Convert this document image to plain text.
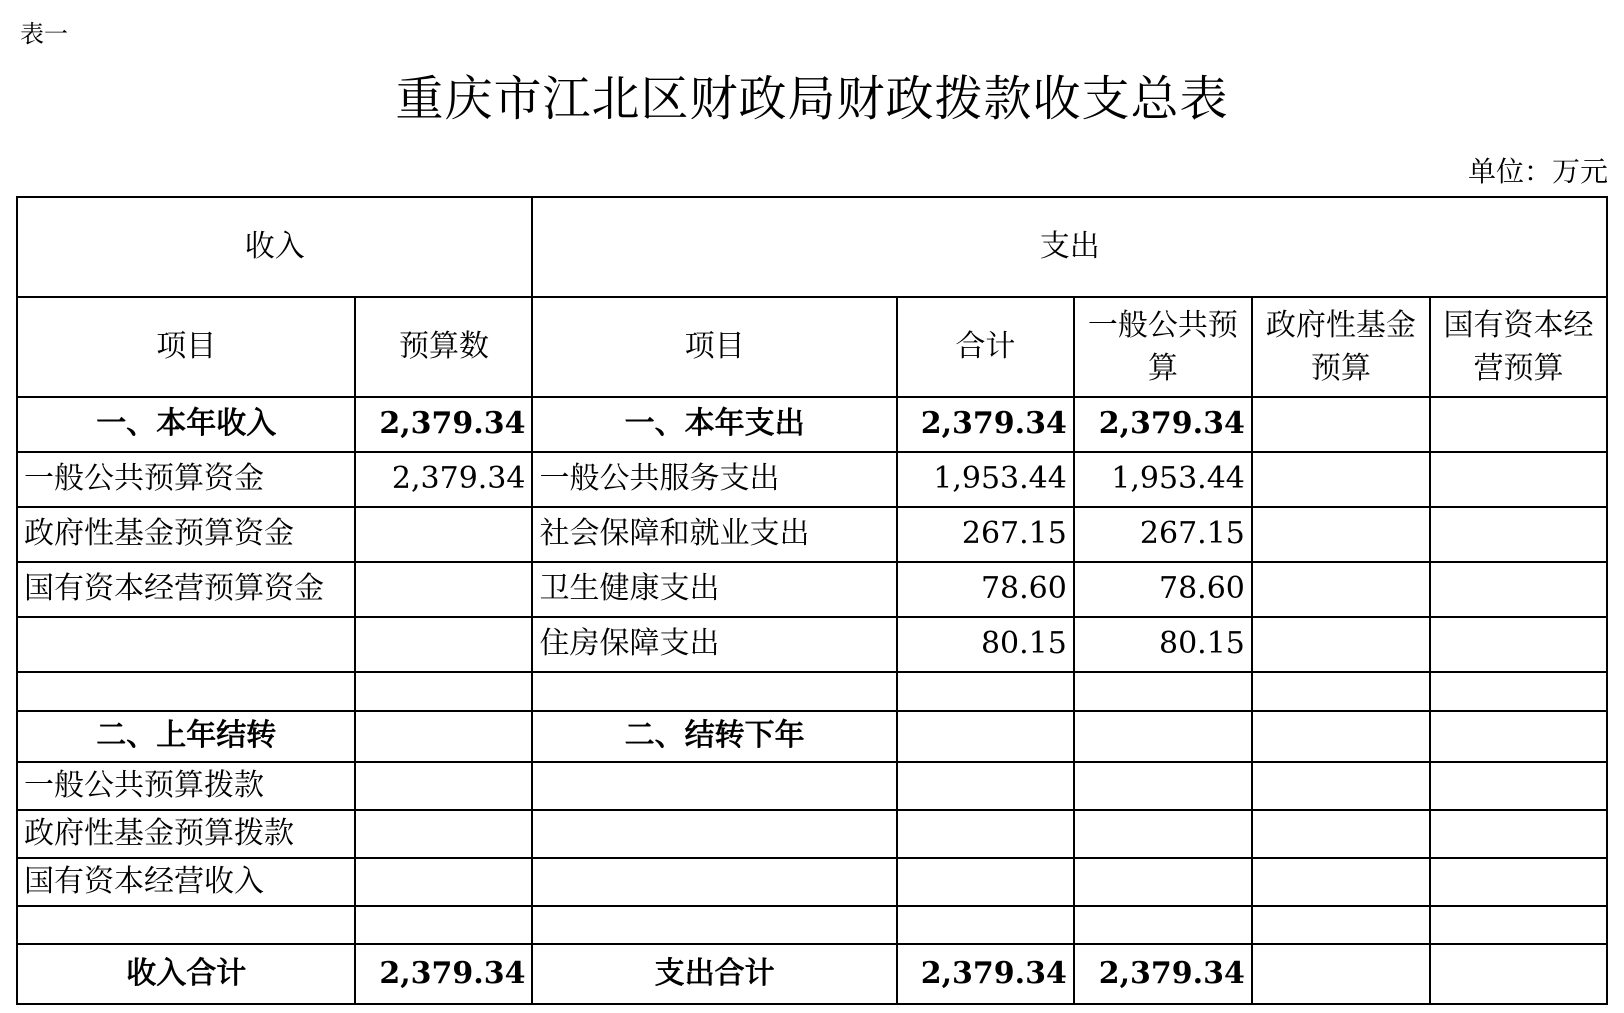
表一
重庆市江北区财政局财政拨款收支总表
单位：万元
收入		支出				
项目	预算数	项目	合计	一般公共预算	政府性基金预算	国有资本经营预算
一、本年收入	2,379.34	一、本年支出	2,379.34	2,379.34		
一般公共预算资金	2,379.34	一般公共服务支出	1,953.44	1,953.44		
政府性基金预算资金		社会保障和就业支出	267.15	267.15		
国有资本经营预算资金		卫生健康支出	78.60	78.60		
		住房保障支出	80.15	80.15		

二、上年结转		二、结转下年				
一般公共预算拨款						
政府性基金预算拨款						
国有资本经营收入						

收入合计	2,379.34	支出合计	2,379.34	2,379.34		
